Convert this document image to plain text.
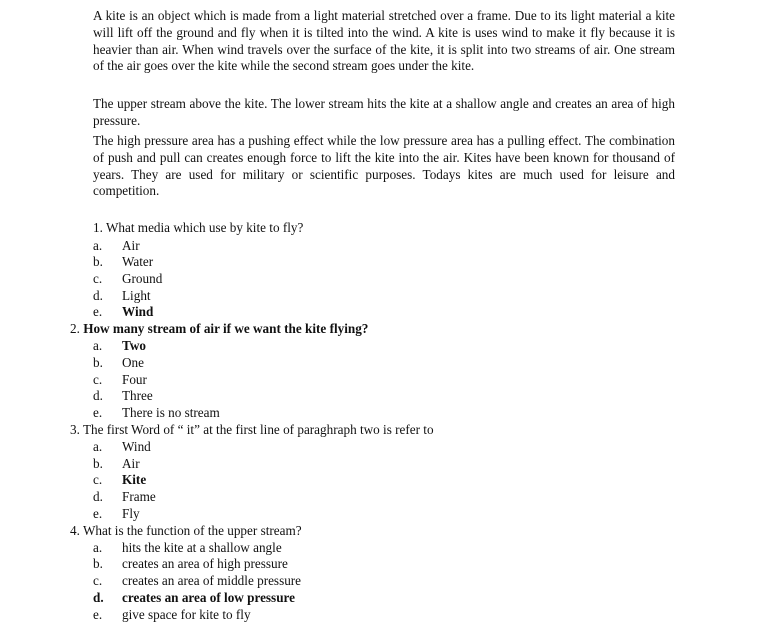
A kite is an object which is made from a light material stretched over a frame. Due to its light material a kite will lift off the ground and fly when it is tilted into the wind. A kite is uses wind to make it fly because it is heavier than air. When wind travels over the surface of the kite, it is split into two streams of air. One stream of the air goes over the kite while the second stream goes under the kite.

The upper stream above the kite. The lower stream hits the kite at a shallow angle and creates an area of high pressure.

The high pressure area has a pushing effect while the low pressure area has a pulling effect. The combination of push and pull can creates enough force to lift the kite into the air. Kites have been known for thousand of years. They are used for military or scientific purposes. Todays kites are much used for leisure and competition.

1. What media which use by kite to fly?
a.	Air
b.	Water
c.	Ground
d.	Light
e.	Wind
2. How many stream of air if we want the kite flying?
a.	Two
b.	One
c.	Four
d.	Three
e.	There is no stream
3. The first Word of “ it” at the first line of paraghraph two is refer to
a.	Wind
b.	Air
c.	Kite
d.	Frame
e.	Fly
4. What is the function of the upper stream?
a.	hits the kite at a shallow angle
b.	creates an area of high pressure
c.	creates an area of middle pressure
d.	creates an area of low pressure
e.	give space for kite to fly
